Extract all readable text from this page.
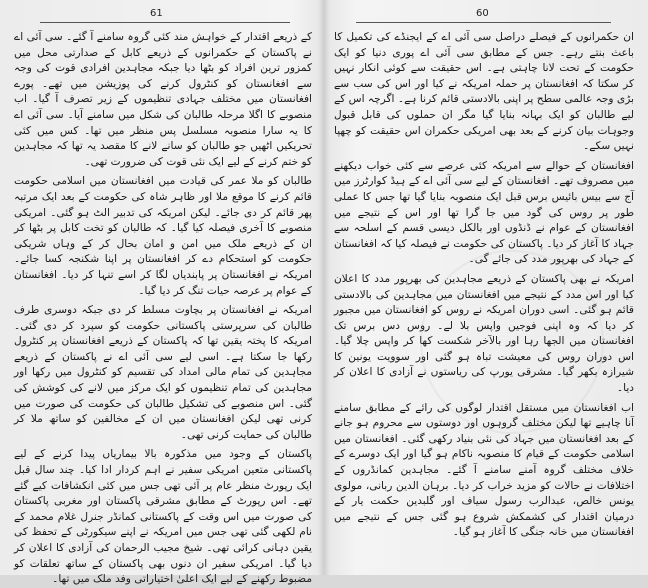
61

کے ذریعے اقتدار کے خواہش مند کئی گروہ سامنے آ گئے۔ سی آئی اے نے پاکستان کے حکمرانوں کے ذریعے کابل کے صدارتی محل میں کمزور ترین افراد کو بٹھا دیا جبکہ مجاہدین افرادی قوت کی وجہ سے افغانستان کو کنٹرول کرنے کی پوزیشن میں تھے۔ پورے افغانستان میں مختلف جہادی تنظیموں کے زیر تصرف آ گیا۔ اب منصوبے کا اگلا مرحلہ طالبان کی شکل میں سامنے آیا۔ سی آئی اے کا یہ سارا منصوبہ مسلسل پس منظر میں تھا۔ کس میں کئی تحریکیں اٹھیں جو طالبان کو سانے لانے کا مقصد یہ تھا کہ مجاہدین کو ختم کرنے کے لیے ایک نئی قوت کی ضرورت تھی۔

طالبان کو ملا عمر کی قیادت میں افغانستان میں اسلامی حکومت قائم کرنے کا موقع ملا اور ظاہر شاہ کی حکومت کے بعد ایک مرتبہ پھر قائم کر دی جائے۔ لیکن امریکہ کی تدبیر الٹ ہو گئی۔ امریکی منصوبے کا آخری فیصلہ کیا گیا۔ کہ طالبان کو تخت کابل پر بٹھا کر ان کے ذریعے ملک میں امن و امان بحال کر کے وہاں شریکی حکومت کو استحکام دے کر افغانستان پر اپنا شکنجہ کسا جائے۔ امریکہ نے افغانستان پر پابندیاں لگا کر اسے تنہا کر دیا۔ افغانستان کے عوام پر عرصہ حیات تنگ کر دیا گیا۔

امریکہ نے افغانستان پر بچاوت مسلط کر دی جبکہ دوسری طرف طالبان کی سرپرستی پاکستانی حکومت کو سپرد کر دی گئی۔ امریکہ کا پختہ یقین تھا کہ پاکستان کے ذریعے افغانستان پر کنٹرول رکھا جا سکتا ہے۔ اسی لیے سی آئی اے نے پاکستان کے ذریعے مجاہدین کی تمام مالی امداد کی تقسیم کو کنٹرول میں رکھا اور مجاہدین کی تمام تنظیموں کو ایک مرکز میں لانے کی کوشش کی گئی۔ اس منصوبے کی تشکیل طالبان کی حکومت کی صورت میں کرنی تھی لیکن افغانستان میں ان کے مخالفین کو ساتھ ملا کر طالبان کی حمایت کرنی تھی۔

پاکستان کے وجود میں مذکورہ بالا بیماریاں پیدا کرنے کے لیے پاکستانی متعین امریکی سفیر نے اہم کردار ادا کیا۔ چند سال قبل ایک رپورٹ منظر عام پر آئی تھی جس میں کئی انکشافات کیے گئے تھے۔ اس رپورٹ کے مطابق مشرقی پاکستان اور مغربی پاکستان کی صورت میں اس وقت کے پاکستانی کمانڈر جنرل غلام محمد کے نام لکھی گئی تھی جس میں امریکہ نے اپنے سیکورٹی کے تحفظ کی یقین دہانی کرائی تھی۔ شیخ مجیب الرحمان کی آزادی کا اعلان کر دیا گیا۔ امریکی سفیر ان دنوں بھی پاکستان کے ساتھ تعلقات کو مضبوط رکھنے کے لیے ایک اعلیٰ اختیاراتی وفد ملک میں تھا۔

60

ان حکمرانوں کے فیصلے دراصل سی آئی اے کے ایجنڈے کی تکمیل کا باعث بنتے رہے۔ جس کے مطابق سی آئی اے پوری دنیا کو ایک حکومت کے تحت لانا چاہتی ہے۔ اس حقیقت سے کوئی انکار نہیں کر سکتا کہ افغانستان پر حملہ امریکہ نے کیا اور اس کی سب سے بڑی وجہ عالمی سطح پر اپنی بالادستی قائم کرنا ہے۔ اگرچہ اس کے لیے طالبان کو ایک بہانہ بنایا گیا مگر ان حملوں کی قابل قبول وجوہات بیان کرنے کے بعد بھی امریکی حکمران اس حقیقت کو چھپا نہیں سکے۔

افغانستان کے حوالے سے امریکہ کئی عرصے سے کئی خواب دیکھنے میں مصروف تھے۔ افغانستان کے لیے سی آئی اے کے ہیڈ کوارٹرز میں آج سے بیس بائیس برس قبل ایک منصوبہ بنایا گیا تھا جس کا عملی طور پر روس کی گود میں جا گرا تھا اور اس کے نتیجے میں افغانستان کے عوام نے ڈنڈوں اور بالکل دیسی قسم کے اسلحہ سے جہاد کا آغاز کر دیا۔ پاکستان کی حکومت نے فیصلہ کیا کہ افغانستان کے جہاد کی بھرپور مدد کی جائے گی۔

امریکہ نے بھی پاکستان کے ذریعے مجاہدین کی بھرپور مدد کا اعلان کیا اور اس مدد کے نتیجے میں افغانستان میں مجاہدین کی بالادستی قائم ہو گئی۔ اسی دوران امریکہ نے روس کو افغانستان میں مجبور کر دیا کہ وہ اپنی فوجیں واپس بلا لے۔ روس دس برس تک افغانستان میں الجھا رہا اور بالآخر شکست کھا کر واپس چلا گیا۔ اس دوران روس کی معیشت تباہ ہو گئی اور سوویت یونین کا شیرازہ بکھر گیا۔ مشرقی یورپ کی ریاستوں نے آزادی کا اعلان کر دیا۔

اب افغانستان میں مستقل اقتدار لوگوں کی رائے کے مطابق سامنے آنا چاہیے تھا لیکن مختلف گروہوں اور دوستوں سے محروم ہو جانے کے بعد افغانستان میں جہاد کی نئی بنیاد رکھی گئی۔ افغانستان میں اسلامی حکومت کے قیام کا منصوبہ ناکام ہو گیا اور ایک دوسرے کے خلاف مختلف گروہ آمنے سامنے آ گئے۔ مجاہدین کمانڈروں کے اختلافات نے حالات کو مزید خراب کر دیا۔ برہان الدین ربانی، مولوی یونس خالص، عبدالرب رسول سیاف اور گلبدین حکمت یار کے درمیان اقتدار کی کشمکش شروع ہو گئی جس کے نتیجے میں افغانستان میں خانہ جنگی کا آغاز ہو گیا۔
